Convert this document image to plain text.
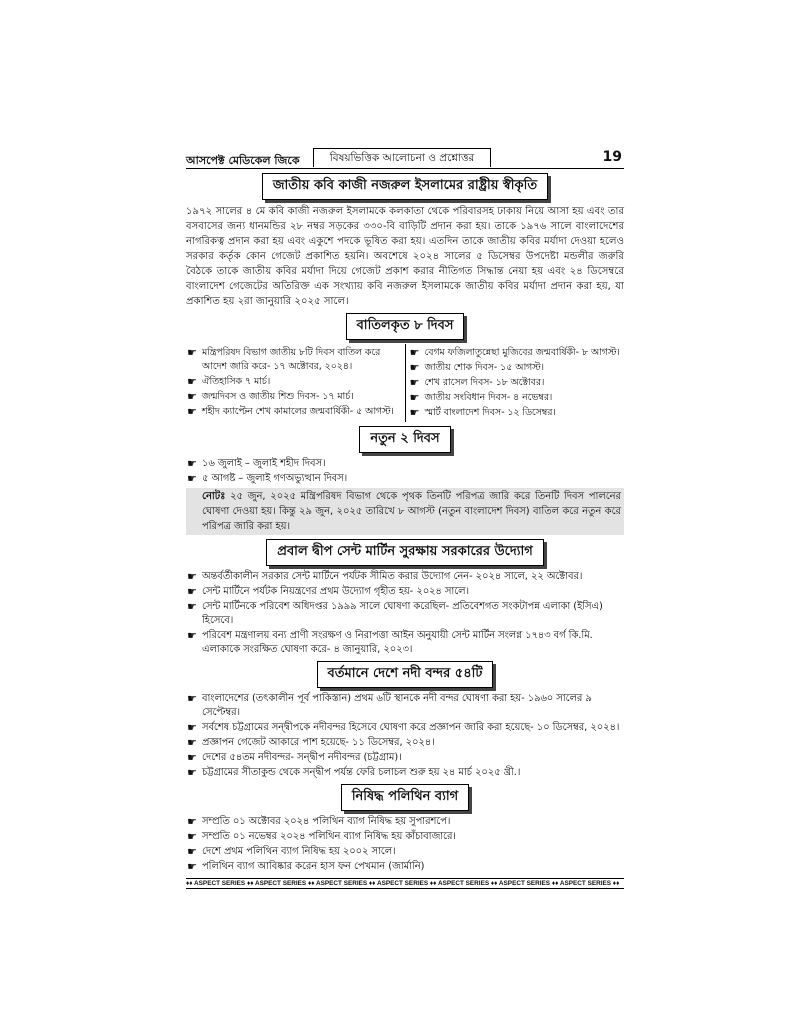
আসপেক্ট মেডিকেল জিকে	বিষয়ভিত্তিক আলোচনা ও প্রশ্নোত্তর	19
জাতীয় কবি কাজী নজরুল ইসলামের রাষ্ট্রীয় স্বীকৃতি

১৯৭২ সালের ৪ মে কবি কাজী নজরুল ইসলামকে কলকাতা থেকে পরিবারসহ ঢাকায় নিয়ে আসা হয় এবং তার বসবাসের জন্য ধানমন্ডির ২৮ নম্বর সড়কের ৩৩০-বি বাড়িটি প্রদান করা হয়। তাকে ১৯৭৬ সালে বাংলাদেশের নাগরিকত্ব প্রদান করা হয় এবং একুশে পদকে ভূষিত করা হয়। এতদিন তাকে জাতীয় কবির মর্যাদা দেওয়া হলেও সরকার কর্তৃক কোন গেজেট প্রকাশিত হয়নি। অবশেষে ২০২৪ সালের ৫ ডিসেম্বর উপদেষ্টা মন্ডলীর জরুরি বৈঠকে তাকে জাতীয় কবির মর্যাদা দিয়ে গেজেট প্রকাশ করার নীতিগত সিদ্ধান্ত নেয়া হয় এবং ২৪ ডিসেম্বরে বাংলাদেশ গেজেটের অতিরিক্ত এক সংখ্যায় কবি নজরুল ইসলামকে জাতীয় কবির মর্যাদা প্রদান করা হয়, যা প্রকাশিত হয় ২রা জানুয়ারি ২০২৫ সালে।

বাতিলকৃত ৮ দিবস
☛ মন্ত্রিপরিষদ বিভাগ জাতীয় ৮টি দিবস বাতিল করে আদেশ জারি করে- ১৭ অক্টোবর, ২০২৪।
☛ ঐতিহাসিক ৭ মার্চ।
☛ জন্মদিবস ও জাতীয় শিশু দিবস- ১৭ মার্চ।
☛ শহীদ ক্যাপ্টেন শেখ কামালের জন্মবার্ষিকী- ৫ আগস্ট।
☛ বেগম ফজিলাতুন্নেছা মুজিবের জন্মবার্ষিকী- ৮ আগস্ট।
☛ জাতীয় শোক দিবস- ১৫ আগস্ট।
☛ শেখ রাসেল দিবস- ১৮ অক্টোবর।
☛ জাতীয় সংবিধান দিবস- ৪ নভেম্বর।
☛ স্মার্ট বাংলাদেশ দিবস- ১২ ডিসেম্বর।
নতুন ২ দিবস
☛ ১৬ জুলাই – জুলাই শহীদ দিবস।
☛ ৫ আগষ্ট – জুলাই গণঅভ্যুত্থান দিবস।
নোটঃ ২৫ জুন, ২০২৫ মন্ত্রিপরিষদ বিভাগ থেকে পৃথক তিনটি পরিপত্র জারি করে তিনটি দিবস পালনের ঘোষণা দেওয়া হয়। কিন্তু ২৯ জুন, ২০২৫ তারিখে ৮ আগস্ট (নতুন বাংলাদেশ দিবস) বাতিল করে নতুন করে পরিপত্র জারি করা হয়।
প্রবাল দ্বীপ সেন্ট মার্টিন সুরক্ষায় সরকারের উদ্যোগ
☛ অন্তর্বর্তীকালীন সরকার সেন্ট মার্টিনে পর্যটক সীমিত করার উদ্যোগ নেন- ২০২৪ সালে, ২২ অক্টোবর।
☛ সেন্ট মার্টিনে পর্যটক নিয়ন্ত্রণের প্রথম উদ্যোগ গৃহীত হয়- ২০২৪ সালে।
☛ সেন্ট মার্টিনকে পরিবেশ অধিদপ্তর ১৯৯৯ সালে ঘোষণা করেছিল- প্রতিবেশগত সংকটাপন্ন এলাকা (ইসিএ) হিসেবে।
☛ পরিবেশ মন্ত্রণালয় বন্য প্রাণী সংরক্ষণ ও নিরাপত্তা আইন অনুযায়ী সেন্ট মার্টিন সংলগ্ন ১৭৪৩ বর্গ কি.মি. এলাকাকে সংরক্ষিত ঘোষণা করে- ৪ জানুয়ারি, ২০২৩।
বর্তমানে দেশে নদী বন্দর ৫৪টি
☛ বাংলাদেশের (তৎকালীন পূর্ব পাকিস্তান) প্রথম ৬টি স্থানকে নদী বন্দর ঘোষণা করা হয়- ১৯৬০ সালের ৯ সেপ্টেম্বর।
☛ সর্বশেষ চট্টগ্রামের সন্দ্বীপকে নদীবন্দর হিসেবে ঘোষণা করে প্রজ্ঞাপন জারি করা হয়েছে- ১০ ডিসেম্বর, ২০২৪।
☛ প্রজ্ঞাপন গেজেট আকারে পাশ হয়েছে- ১১ ডিসেম্বর, ২০২৪।
☛ দেশের ৫৪তম নদীবন্দর- সন্দ্বীপ নদীবন্দর (চট্টগ্রাম)।
☛ চট্টগ্রামের সীতাকুন্ড থেকে সন্দ্বীপ পর্যন্ত ফেরি চলাচল শুরু হয় ২৪ মার্চ ২০২৫ খ্রী.।
নিষিদ্ধ পলিথিন ব্যাগ
☛ সম্প্রতি ০১ অক্টোবর ২০২৪ পলিথিন ব্যাগ নিষিদ্ধ হয় সুপারশপে।
☛ সম্প্রতি ০১ নভেম্বর ২০২৪ পলিথিন ব্যাগ নিষিদ্ধ হয় কাঁচাবাজারে।
☛ দেশে প্রথম পলিথিন ব্যাগ নিষিদ্ধ হয় ২০০২ সালে।
☛ পলিথিন ব্যাগ আবিষ্কার করেন হাস ফন পেখমান (জার্মানি)
♦♦ ASPECT SERIES ♦♦ ASPECT SERIES ♦♦ ASPECT SERIES ♦♦ ASPECT SERIES ♦♦ ASPECT SERIES ♦♦ ASPECT SERIES ♦♦ ASPECT SERIES ♦♦
